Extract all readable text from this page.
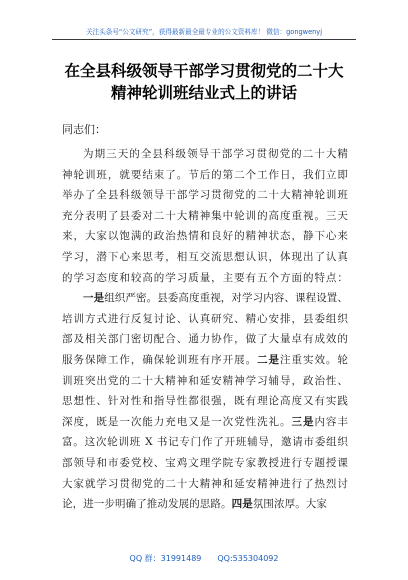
关注头条号“公文研究”，获得最新最全最专业的公文资料库！ 微信：gongwenyj
在全县科级领导干部学习贯彻党的二十大
精神轮训班结业式上的讲话
同志们：
为期三天的全县科级领导干部学习贯彻党的二十大精
神轮训班，就要结束了。节后的第二个工作日，我们立即
举办了全县科级领导干部学习贯彻党的二十大精神轮训班
充分表明了县委对二十大精神集中轮训的高度重视。三天
来，大家以饱满的政治热情和良好的精神状态，静下心来
学习，潜下心来思考，相互交流思想认识，体现出了认真
的学习态度和较高的学习质量，主要有五个方面的特点：
一是组织严密。县委高度重视，对学习内容、课程设置、
培训方式进行反复讨论、认真研究、精心安排，县委组织
部及相关部门密切配合、通力协作，做了大量卓有成效的
服务保障工作，确保轮训班有序开展。二是注重实效。轮
训班突出党的二十大精神和延安精神学习辅导，政治性、
思想性、针对性和指导性都很强，既有理论高度又有实践
深度，既是一次能力充电又是一次党性洗礼。三是内容丰
富。这次轮训班 X 书记专门作了开班辅导，邀请市委组织
部领导和市委党校、宝鸡文理学院专家教授进行专题授课
大家就学习贯彻党的二十大精神和延安精神进行了热烈讨
论，进一步明确了推动发展的思路。四是氛围浓厚。大家
QQ 群：31991489 QQ:535304092
